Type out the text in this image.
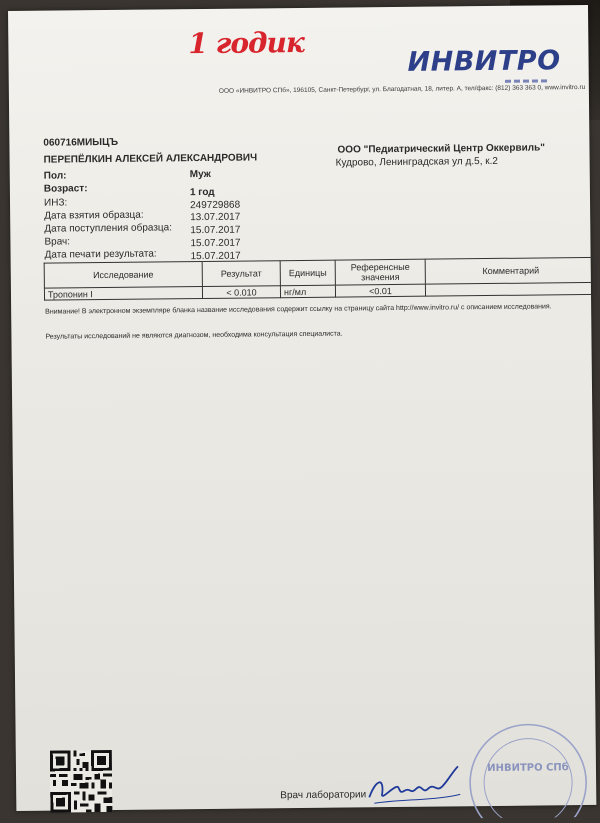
1 годик
ИНВИТРО
ООО «ИНВИТРО СПб», 196105, Санкт-Петербург, ул. Благодатная, 18, литер. А, тел/факс: (812) 363 363 0, www.invitro.ru
060716МИЫЦЪ
ПЕРЕПЁЛКИН АЛЕКСЕЙ АЛЕКСАНДРОВИЧ
ООО "Педиатрический Центр Оккервиль"
Кудрово, Ленинградская ул д.5, к.2
Пол:	Муж
Возраст:	1 год
ИНЗ:	249729868
Дата взятия образца:	13.07.2017
Дата поступления образца: 15.07.2017
Врач:	15.07.2017
Дата печати результата:	15.07.2017
Исследование	Результат	Единицы	Референсные значения	Комментарий
Тропонин I	< 0.010	нг/мл	<0.01	
Внимание! В электронном экземпляре бланка название исследования содержит ссылку на страницу сайта http://www.invitro.ru/ с описанием исследования.
Результаты исследований не являются диагнозом, необходима консультация специалиста.
Врач лаборатории
ИНВИТРО СПб
